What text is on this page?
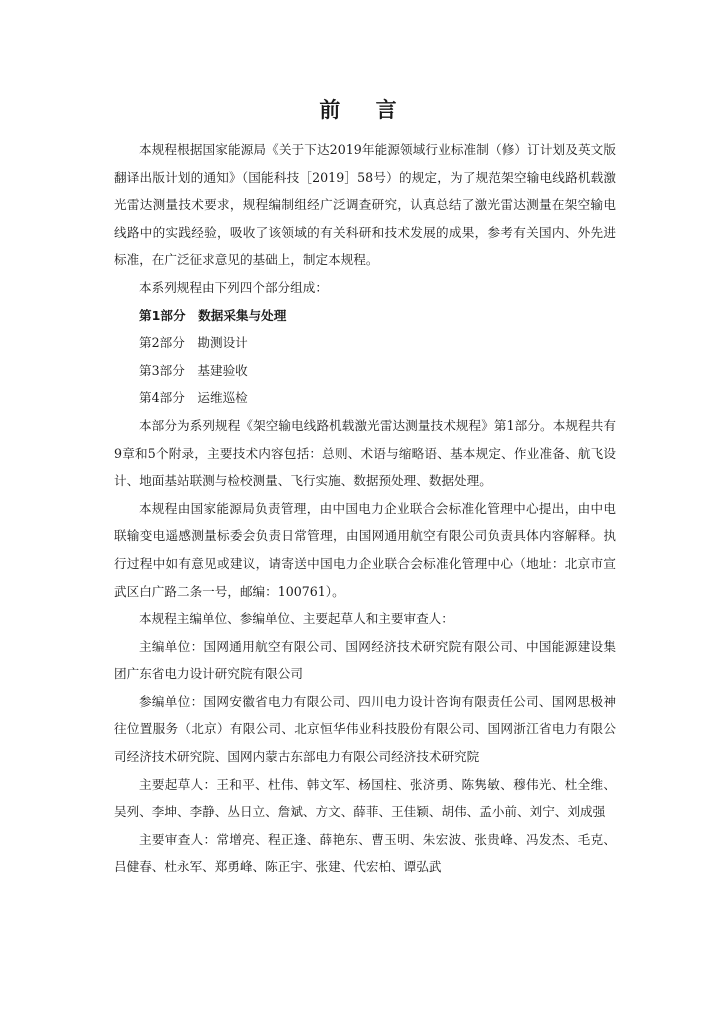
前 言

本规程根据国家能源局《关于下达2019年能源领域行业标准制（修）订计划及英文版翻译出版计划的通知》（国能科技［2019］58号）的规定，为了规范架空输电线路机载激光雷达测量技术要求，规程编制组经广泛调查研究，认真总结了激光雷达测量在架空输电线路中的实践经验，吸收了该领域的有关科研和技术发展的成果，参考有关国内、外先进标准，在广泛征求意见的基础上，制定本规程。

本系列规程由下列四个部分组成：

第1部分　数据采集与处理

第2部分　勘测设计

第3部分　基建验收

第4部分　运维巡检

本部分为系列规程《架空输电线路机载激光雷达测量技术规程》第1部分。本规程共有9章和5个附录，主要技术内容包括：总则、术语与缩略语、基本规定、作业准备、航飞设计、地面基站联测与检校测量、飞行实施、数据预处理、数据处理。

本规程由国家能源局负责管理，由中国电力企业联合会标准化管理中心提出，由中电联输变电遥感测量标委会负责日常管理，由国网通用航空有限公司负责具体内容解释。执行过程中如有意见或建议，请寄送中国电力企业联合会标准化管理中心（地址：北京市宣武区白广路二条一号，邮编：100761）。

本规程主编单位、参编单位、主要起草人和主要审查人：

主编单位：国网通用航空有限公司、国网经济技术研究院有限公司、中国能源建设集团广东省电力设计研究院有限公司

参编单位：国网安徽省电力有限公司、四川电力设计咨询有限责任公司、国网思极神往位置服务（北京）有限公司、北京恒华伟业科技股份有限公司、国网浙江省电力有限公司经济技术研究院、国网内蒙古东部电力有限公司经济技术研究院

主要起草人：王和平、杜伟、韩文军、杨国柱、张济勇、陈隽敏、穆伟光、杜全维、吴列、李坤、李静、丛日立、詹斌、方文、薛菲、王佳颖、胡伟、孟小前、刘宁、刘成强

主要审查人：常增亮、程正逢、薛艳东、曹玉明、朱宏波、张贵峰、冯发杰、毛克、吕健春、杜永军、郑勇峰、陈正宇、张建、代宏柏、谭弘武
